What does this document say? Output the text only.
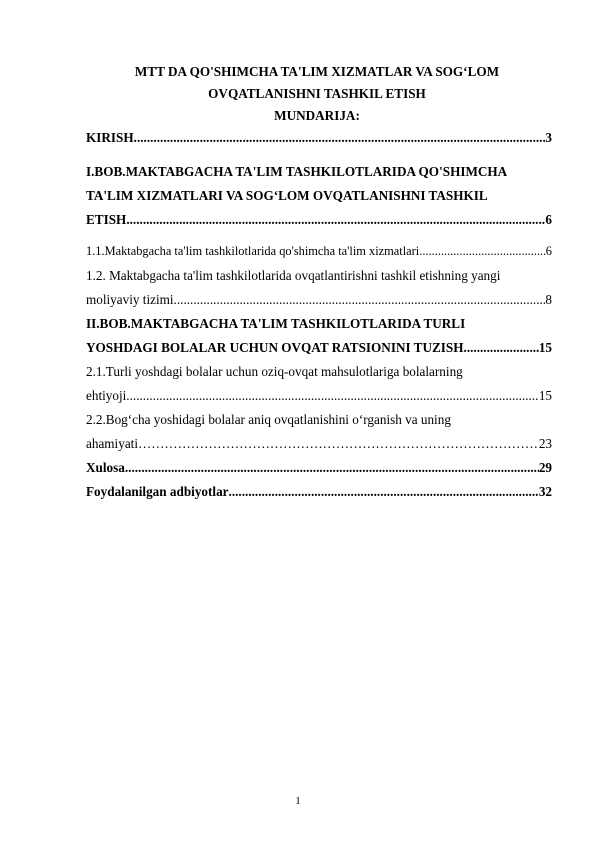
MTT DA QO'SHIMCHA TA'LIM XIZMATLAR VA SOG‘LOM
OVQATLANISHNI TASHKIL ETISH
MUNDARIJA:
KIRISH .....	3
I.BOB.MAKTABGACHA TA'LIM TASHKILOTLARIDA QO'SHIMCHA
TA'LIM XIZMATLARI VA SOG‘LOM OVQATLANISHNI TASHKIL
ETISH .....	6
1.1.Maktabgacha ta'lim tashkilotlarida qo'shimcha ta'lim xizmatlari .....	6
1.2. Maktabgacha ta'lim tashkilotlarida ovqatlantirishni tashkil etishning yangi
moliyaviy tizimi .....	8
II.BOB.MAKTABGACHA TA'LIM TASHKILOTLARIDA TURLI
YOSHDAGI BOLALAR UCHUN OVQAT RATSIONINI TUZISH .....	15
2.1.Turli yoshdagi bolalar uchun oziq-ovqat mahsulotlariga bolalarning
ehtiyoji .....	15
2.2.Bog‘cha yoshidagi bolalar aniq ovqatlanishini o‘rganish va uning
ahamiyati ……………………………………………………………………………………………………………………………………………………………………………	23
Xulosa .....	29
Foydalanilgan adbiyotlar .....	32
1
